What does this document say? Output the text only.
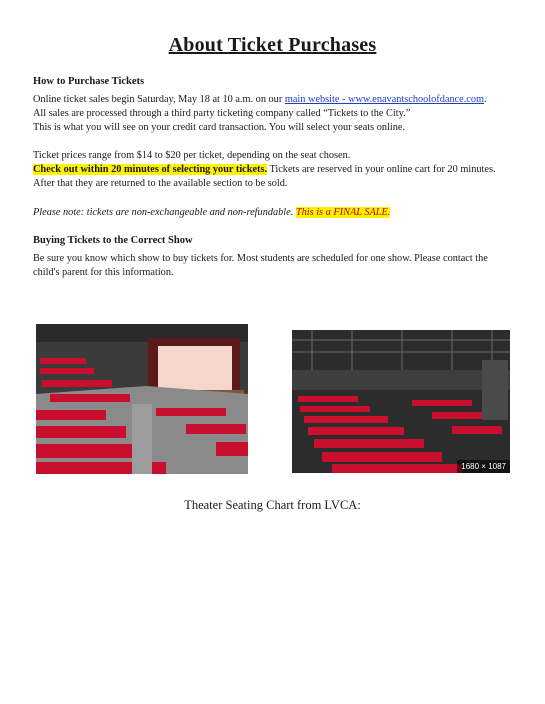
About Ticket Purchases
How to Purchase Tickets
Online ticket sales begin Saturday, May 18 at 10 a.m. on our main website - www.enavantschoolofdance.com.
All sales are processed through a third party ticketing company called “Tickets to the City.”
This is what you will see on your credit card transaction. You will select your seats online.
Ticket prices range from $14 to $20 per ticket, depending on the seat chosen.
Check out within 20 minutes of selecting your tickets. Tickets are reserved in your online cart for 20 minutes.
After that they are returned to the available section to be sold.
Please note: tickets are non-exchangeable and non-refundable. This is a FINAL SALE.
Buying Tickets to the Correct Show
Be sure you know which show to buy tickets for. Most students are scheduled for one show. Please contact the
child's parent for this information.
1680 × 1087
Theater Seating Chart from LVCA:
